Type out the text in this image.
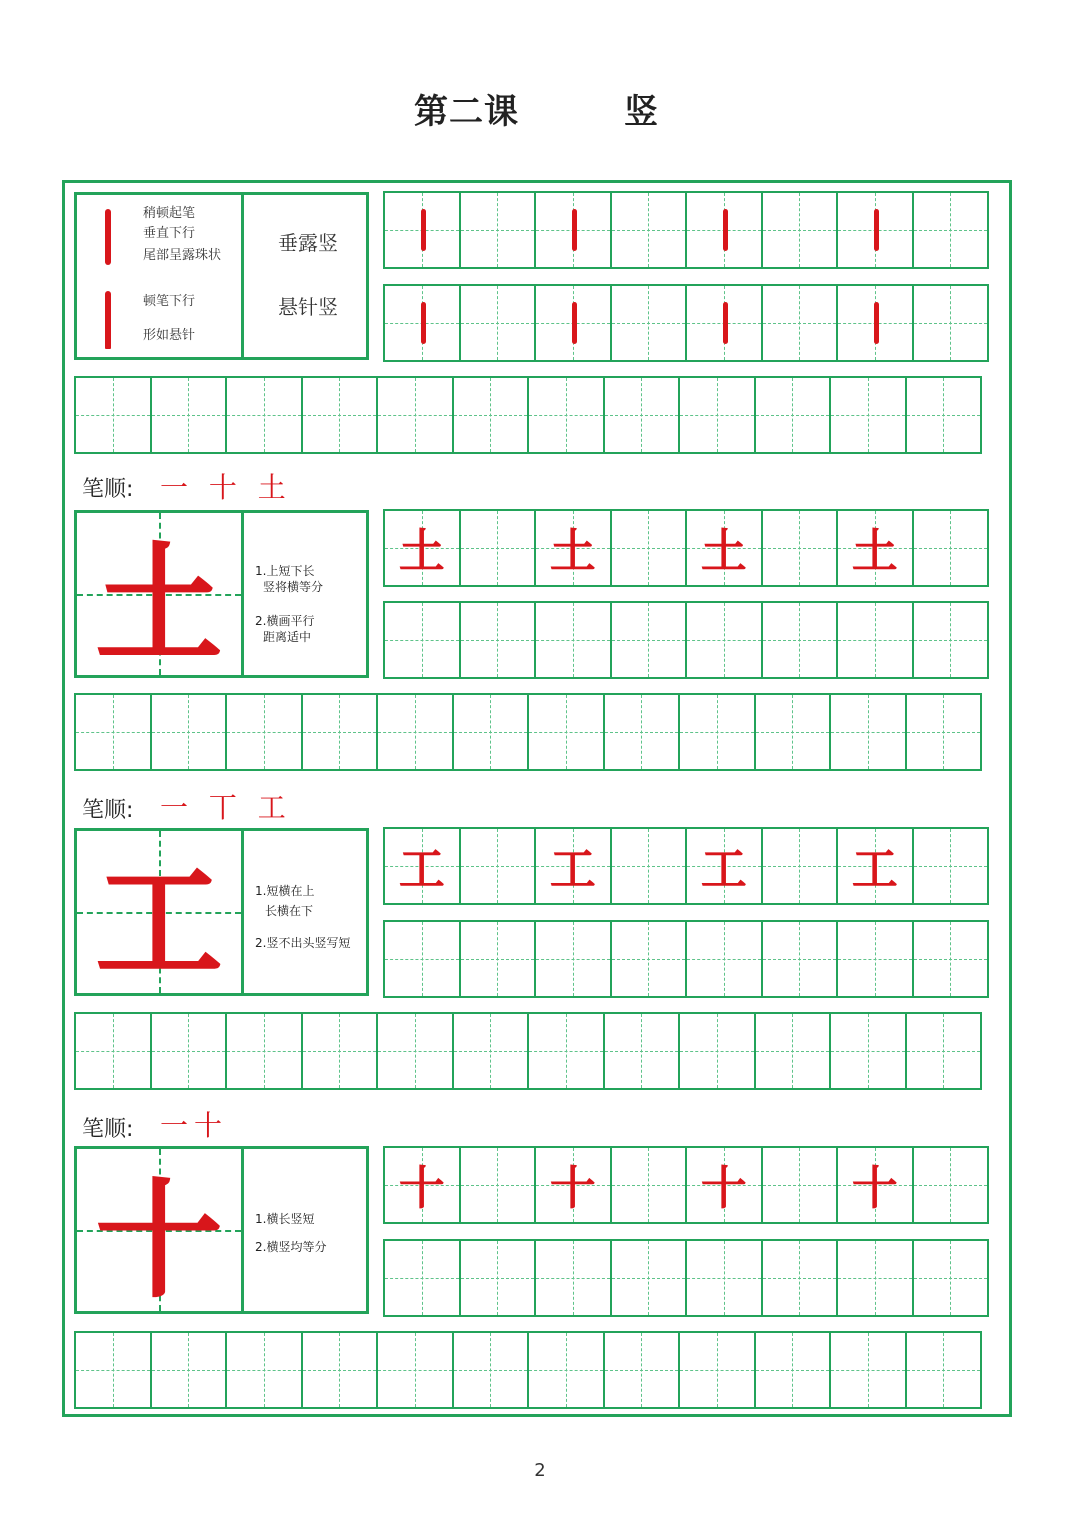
第二课	竖
稍顿起笔
垂直下行
尾部呈露珠状
顿笔下行
形如悬针
垂露竖
悬针竖
土 土 土 土
工 工 工 工
十 十 十 十
笔顺: 一 十 土
笔顺: 一 丅 工
笔顺: 一十
土	1.上短下长
竖将横等分
2.横画平行
距离适中
工	1.短横在上
长横在下
2.竖不出头竖写短
十	1.横长竖短
2.横竖均等分
2
